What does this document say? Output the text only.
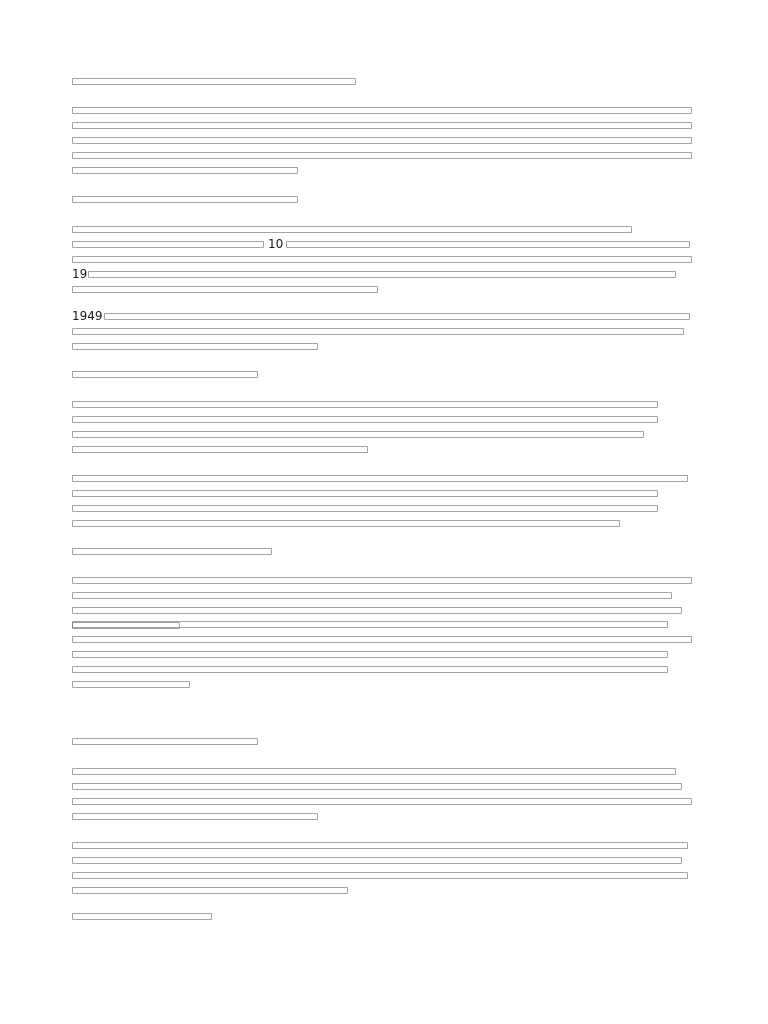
10
19
1949
